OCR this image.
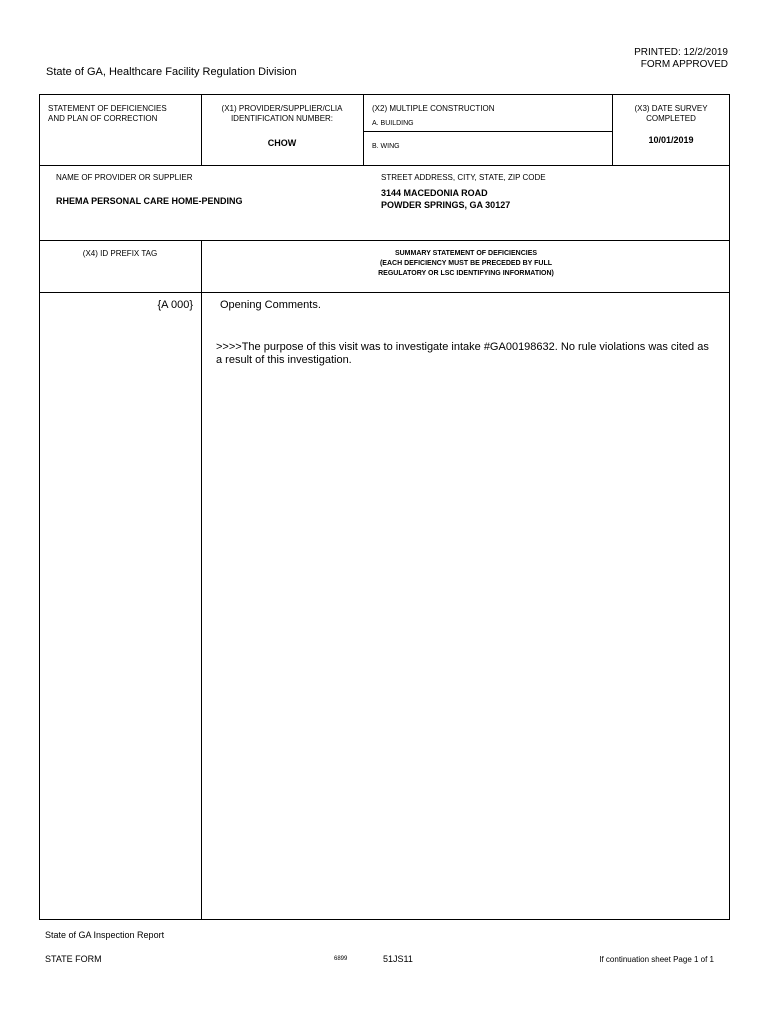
State of GA, Healthcare Facility Regulation Division
PRINTED: 12/2/2019
FORM APPROVED
STATEMENT OF DEFICIENCIES
AND PLAN OF CORRECTION
(X1) PROVIDER/SUPPLIER/CLIA
IDENTIFICATION NUMBER:
CHOW
(X2) MULTIPLE CONSTRUCTION
A. BUILDING
B. WING
(X3) DATE SURVEY
COMPLETED
10/01/2019
NAME OF PROVIDER OR SUPPLIER
RHEMA PERSONAL CARE HOME-PENDING
STREET ADDRESS, CITY, STATE, ZIP CODE
3144 MACEDONIA ROAD
POWDER SPRINGS, GA 30127
(X4) ID PREFIX TAG	SUMMARY STATEMENT OF DEFICIENCIES
(EACH DEFICIENCY MUST BE PRECEDED BY FULL
REGULATORY OR LSC IDENTIFYING INFORMATION)
{A 000} Opening Comments.
>>>>The purpose of this visit was to investigate intake #GA00198632. No rule violations was cited as a result of this investigation.
State of GA Inspection Report
STATE FORM	6899	51JS11	If continuation sheet Page 1 of 1
